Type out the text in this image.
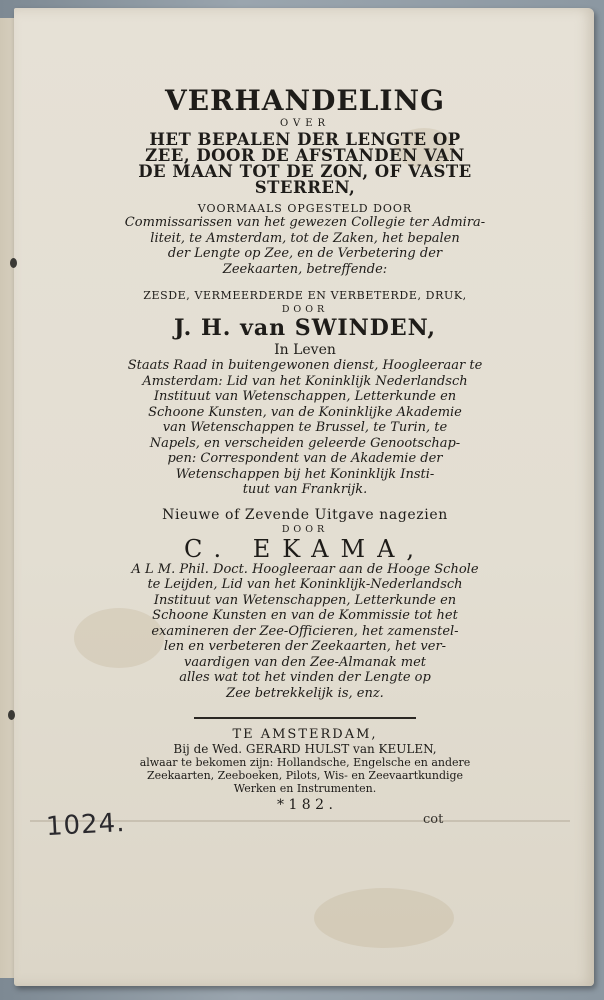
VERHANDELING
OVER
HET BEPALEN DER LENGTE OP
ZEE, DOOR DE AFSTANDEN VAN
DE MAAN TOT DE ZON, OF VASTE
STERREN,
VOORMAALS OPGESTELD DOOR
Commissarissen van het gewezen Collegie ter Admira-
liteit, te Amsterdam, tot de Zaken, het bepalen
der Lengte op Zee, en de Verbetering der
Zeekaarten, betreffende:
ZESDE, VERMEERDERDE EN VERBETERDE, DRUK,
DOOR
J. H. van SWINDEN,
In Leven
Staats Raad in buitengewonen dienst, Hoogleeraar te
Amsterdam: Lid van het Koninklijk Nederlandsch
Instituut van Wetenschappen, Letterkunde en
Schoone Kunsten, van de Koninklijke Akademie
van Wetenschappen te Brussel, te Turin, te
Napels, en verscheiden geleerde Genootschap-
pen: Correspondent van de Akademie der
Wetenschappen bij het Koninklijk Insti-
tuut van Frankrijk.
Nieuwe of Zevende Uitgave nagezien
DOOR
C. EKAMA,
A L M. Phil. Doct. Hoogleeraar aan de Hooge Schole
te Leijden, Lid van het Koninklijk-Nederlandsch
Instituut van Wetenschappen, Letterkunde en
Schoone Kunsten en van de Kommissie tot het
examineren der Zee-Officieren, het zamenstel-
len en verbeteren der Zeekaarten, het ver-
vaardigen van den Zee-Almanak met
alles wat tot het vinden der Lengte op
Zee betrekkelijk is, enz.
TE AMSTERDAM,
Bij de Wed. GERARD HULST van KEULEN,
alwaar te bekomen zijn: Hollandsche, Engelsche en andere
Zeekaarten, Zeeboeken, Pilots, Wis- en Zeevaartkundige
Werken en Instrumenten.
* 1 8 2 .
cot
1024.
